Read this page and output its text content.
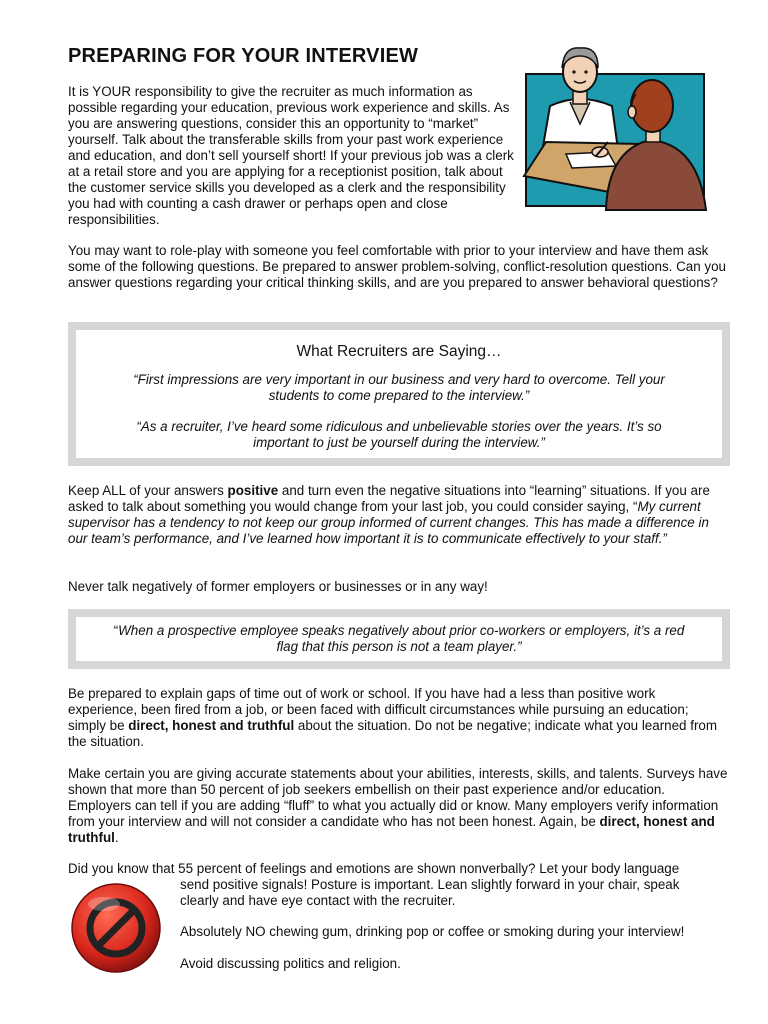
PREPARING FOR YOUR INTERVIEW

It is YOUR responsibility to give the recruiter as much information as possible regarding your education, previous work experience and skills. As you are answering questions, consider this an opportunity to “market” yourself. Talk about the transferable skills from your past work experience and education, and don’t sell yourself short! If your previous job was a clerk at a retail store and you are applying for a receptionist position, talk about the customer service skills you developed as a clerk and the responsibility you had with counting a cash drawer or perhaps open and close responsibilities.

You may want to role-play with someone you feel comfortable with prior to your interview and have them ask some of the following questions. Be prepared to answer problem-solving, conflict-resolution questions. Can you answer questions regarding your critical thinking skills, and are you prepared to answer behavioral questions?

What Recruiters are Saying…

“First impressions are very important in our business and very hard to overcome. Tell your students to come prepared to the interview.”

“As a recruiter, I’ve heard some ridiculous and unbelievable stories over the years. It’s so important to just be yourself during the interview.”

Keep ALL of your answers positive and turn even the negative situations into “learning” situations. If you are asked to talk about something you would change from your last job, you could consider saying, “My current supervisor has a tendency to not keep our group informed of current changes. This has made a difference in our team’s performance, and I’ve learned how important it is to communicate effectively to your staff.”

Never talk negatively of former employers or businesses or in any way!

“When a prospective employee speaks negatively about prior co-workers or employers, it’s a red flag that this person is not a team player.”

Be prepared to explain gaps of time out of work or school. If you have had a less than positive work experience, been fired from a job, or been faced with difficult circumstances while pursuing an education; simply be direct, honest and truthful about the situation. Do not be negative; indicate what you learned from the situation.

Make certain you are giving accurate statements about your abilities, interests, skills, and talents. Surveys have shown that more than 50 percent of job seekers embellish on their past experience and/or education. Employers can tell if you are adding “fluff” to what you actually did or know. Many employers verify information from your interview and will not consider a candidate who has not been honest. Again, be direct, honest and truthful.

Did you know that 55 percent of feelings and emotions are shown nonverbally? Let your body language

send positive signals! Posture is important. Lean slightly forward in your chair, speak clearly and have eye contact with the recruiter.

Absolutely NO chewing gum, drinking pop or coffee or smoking during your interview!

Avoid discussing politics and religion.
